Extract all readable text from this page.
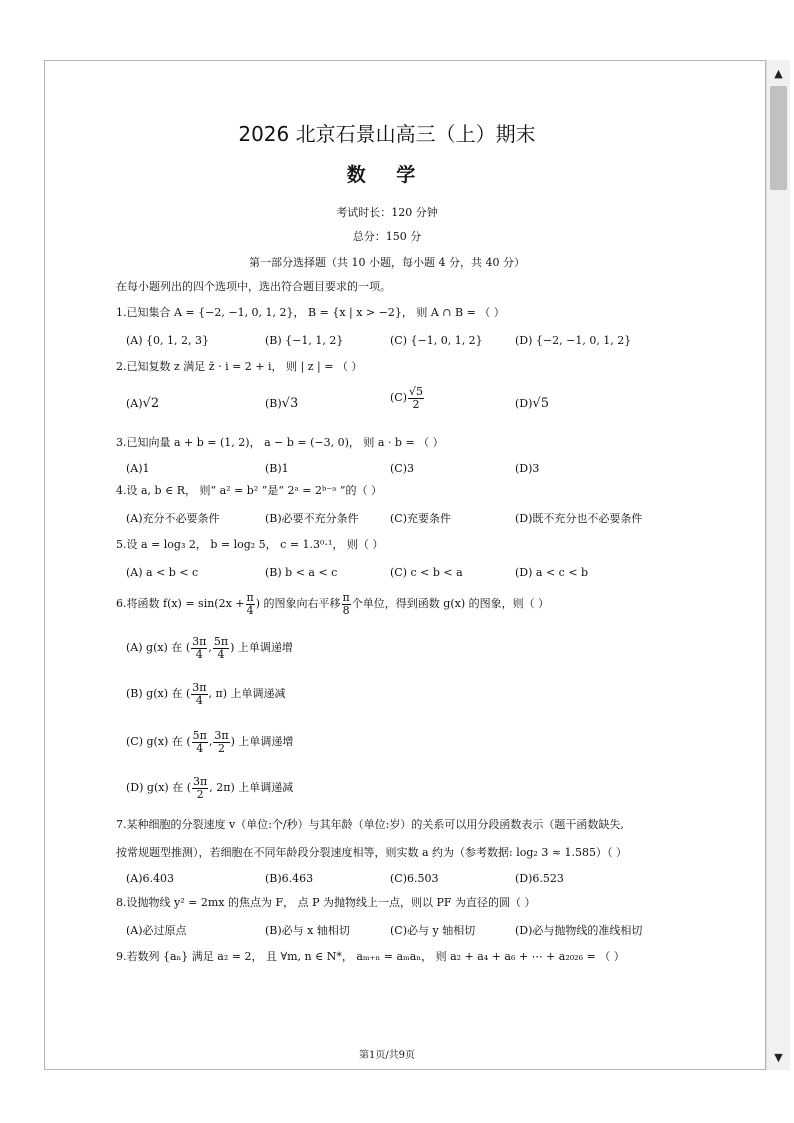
▲
▼
2026 北京石景山高三（上）期末
数 学
考试时长：120 分钟
总分：150 分
第一部分选择题（共 10 小题，每小题 4 分，共 40 分）
在每小题列出的四个选项中，选出符合题目要求的一项。
1.已知集合 A = {−2, −1, 0, 1, 2}， B = {x | x > −2}， 则 A ∩ B = （ ）
(A) {0, 1, 2, 3}	(B) {−1, 1, 2}	(C) {−1, 0, 1, 2}	(D) {−2, −1, 0, 1, 2}
2.已知复数 z 满足 z̄ · i = 2 + i， 则 | z | = （ ）
(A)√2	(B)√3	$(C) \frac{√5}{2}$	(D)√5
3.已知向量 a + b = (1, 2)， a − b = (−3, 0)， 则 a · b = （ ）
(A)1	(B)1	(C)3	(D)3
4.设 a, b ∈ R， 则“ a² = b² ”是“ 2ᵃ = 2ᵇ⁻ᵃ ”的（ ）
(A)充分不必要条件	(B)必要不充分条件	(C)充要条件	(D)既不充分也不必要条件
5.设 a = log₃ 2， b = log₂ 5， c = 1.3⁰·¹， 则（ ）
(A) a < b < c	(B) b < a < c	(C) c < b < a	(D) a < c < b
6.将函数 $f(x) = \sin(2x + \frac{\pi}{4}$ ) 的图象向右平移 $\frac{\pi}{8}$ 个单位，得到函数 g(x) 的图象，则（ ）
(A) g(x) 在 ( $\frac{3\pi}{4}$ , $\frac{5\pi}{4}$ ) 上单调递增
(B) g(x) 在 ( $\frac{3\pi}{4}$ , π) 上单调递减
(C) g(x) 在 ( $\frac{5\pi}{4}$ , $\frac{3\pi}{2}$ ) 上单调递增
(D) g(x) 在 ( $\frac{3\pi}{2}$ , 2π) 上单调递减
7.某种细胞的分裂速度 v（单位:个/秒）与其年龄（单位:岁）的关系可以用分段函数表示（题干函数缺失,
按常规题型推测），若细胞在不同年龄段分裂速度相等，则实数 a 约为（参考数据: log₂ 3 ≈ 1.585）（ ）
(A)6.403	(B)6.463	(C)6.503	(D)6.523
8.设抛物线 y² = 2mx 的焦点为 F， 点 P 为抛物线上一点，则以 PF 为直径的圆（ ）
(A)必过原点	(B)必与 x 轴相切	(C)必与 y 轴相切	(D)必与抛物线的准线相切
9.若数列 {aₙ} 满足 a₂ = 2， 且 ∀m, n ∈ N*， aₘ₊ₙ = aₘaₙ， 则 a₂ + a₄ + a₆ + ⋯ + a₂₀₂₆ = （ ）
第1页/共9页
